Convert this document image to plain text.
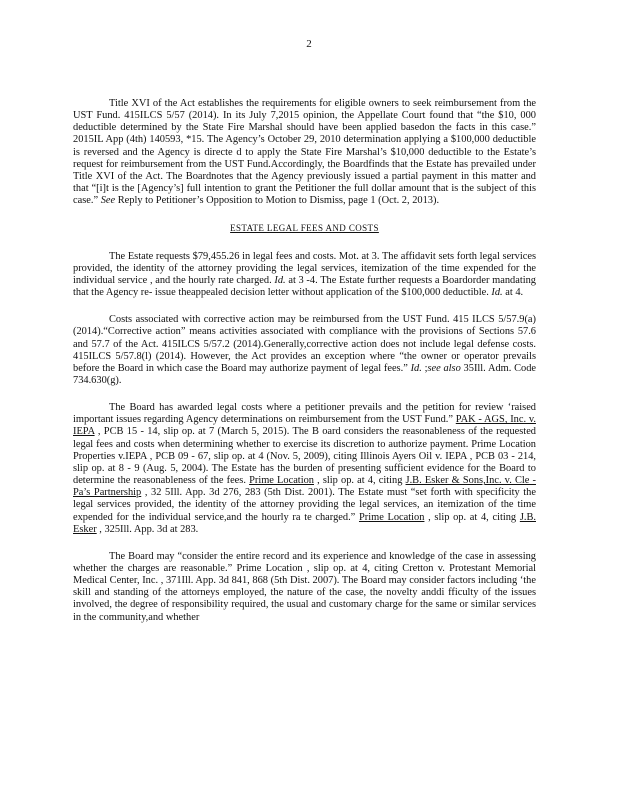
2

Title XVI of the Act establishes the requirements for eligible owners to seek reimbursement from the UST Fund. 415ILCS 5/57 (2014). In its July 7,2015 opinion, the Appellate Court found that “the $10, 000 deductible determined by the State Fire Marshal should have been applied basedon the facts in this case.” 2015IL App (4th) 140593, *15. The Agency’s October 29, 2010 determination applying a $100,000 deductible is reversed and the Agency is directe d to apply the State Fire Marshal’s $10,000 deductible to the Estate’s request for reimbursement from the UST Fund.Accordingly, the Boardfinds that the Estate has prevailed under Title XVI of the Act. The Boardnotes that the Agency previously issued a partial payment in this matter and that “[i]t is the [Agency’s] full intention to grant the Petitioner the full dollar amount that is the subject of this case.” See Reply to Petitioner’s Opposition to Motion to Dismiss, page 1 (Oct. 2, 2013).

ESTATE LEGAL FEES AND COSTS

The Estate requests $79,455.26 in legal fees and costs. Mot. at 3. The affidavit sets forth legal services provided, the identity of the attorney providing the legal services, itemization of the time expended for the individual service , and the hourly rate charged. Id. at 3 -4. The Estate further requests a Boardorder mandating that the Agency re- issue theappealed decision letter without application of the $100,000 deductible. Id. at 4.

Costs associated with corrective action may be reimbursed from the UST Fund. 415 ILCS 5/57.9(a) (2014).“Corrective action” means activities associated with compliance with the provisions of Sections 57.6 and 57.7 of the Act. 415ILCS 5/57.2 (2014).Generally,corrective action does not include legal defense costs. 415ILCS 5/57.8(l) (2014). However, the Act provides an exception where “the owner or operator prevails before the Board in which case the Board may authorize payment of legal fees.” Id. ;see also 35Ill. Adm. Code 734.630(g).

The Board has awarded legal costs where a petitioner prevails and the petition for review ‘raised important issues regarding Agency determinations on reimbursement from the UST Fund.” PAK - AGS, Inc. v. IEPA , PCB 15 - 14, slip op. at 7 (March 5, 2015). The B oard considers the reasonableness of the requested legal fees and costs when determining whether to exercise its discretion to authorize payment. Prime Location Properties v.IEPA , PCB 09 - 67, slip op. at 4 (Nov. 5, 2009), citing Illinois Ayers Oil v. IEPA , PCB 03 - 214, slip op. at 8 - 9 (Aug. 5, 2004). The Estate has the burden of presenting sufficient evidence for the Board to determine the reasonableness of the fees. Prime Location , slip op. at 4, citing J.B. Esker & Sons,Inc. v. Cle -Pa’s Partnership , 32 5Ill. App. 3d 276, 283 (5th Dist. 2001). The Estate must “set forth with specificity the legal services provided, the identity of the attorney providing the legal services, an itemization of the time expended for the individual service,and the hourly ra te charged.” Prime Location , slip op. at 4, citing J.B. Esker , 325Ill. App. 3d at 283.

The Board may “consider the entire record and its experience and knowledge of the case in assessing whether the charges are reasonable.” Prime Location , slip op. at 4, citing Cretton v. Protestant Memorial Medical Center, Inc. , 371Ill. App. 3d 841, 868 (5th Dist. 2007). The Board may consider factors including ‘the skill and standing of the attorneys employed, the nature of the case, the novelty anddi fficulty of the issues involved, the degree of responsibility required, the usual and customary charge for the same or similar services in the community,and whether
